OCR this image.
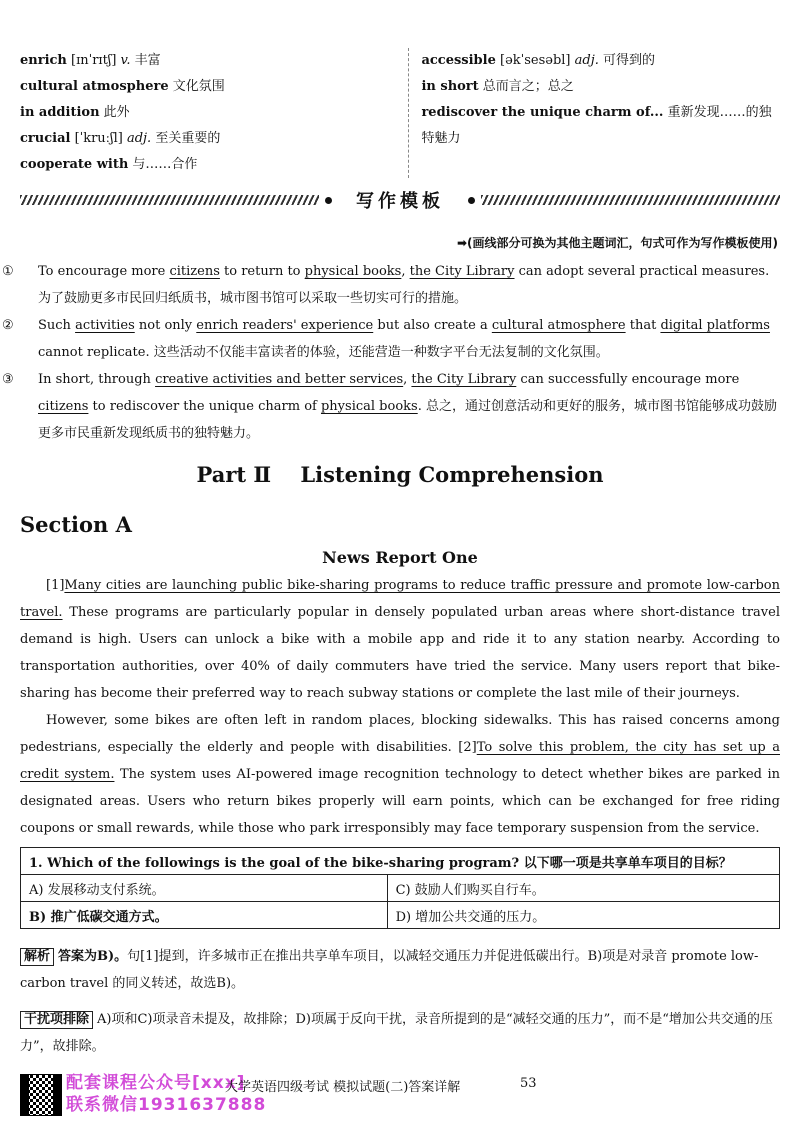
enrich [ɪnˈrɪtʃ] v. 丰富
cultural atmosphere 文化氛围
in addition 此外
crucial [ˈkruːʃl] adj. 至关重要的
cooperate with 与……合作
accessible [əkˈsesəbl] adj. 可得到的
in short 总而言之；总之
rediscover the unique charm of... 重新发现……的独特魅力
写作模板
➡(画线部分可换为其他主题词汇，句式可作为写作模板使用)
① To encourage more citizens to return to physical books, the City Library can adopt several practical measures. 为了鼓励更多市民回归纸质书，城市图书馆可以采取一些切实可行的措施。
② Such activities not only enrich readers' experience but also create a cultural atmosphere that digital platforms cannot replicate. 这些活动不仅能丰富读者的体验，还能营造一种数字平台无法复制的文化氛围。
③ In short, through creative activities and better services, the City Library can successfully encourage more citizens to rediscover the unique charm of physical books. 总之，通过创意活动和更好的服务，城市图书馆能够成功鼓励更多市民重新发现纸质书的独特魅力。
Part Ⅱ    Listening Comprehension
Section A
News Report One
[1]Many cities are launching public bike-sharing programs to reduce traffic pressure and promote low-carbon travel. These programs are particularly popular in densely populated urban areas where short-distance travel demand is high. Users can unlock a bike with a mobile app and ride it to any station nearby. According to transportation authorities, over 40% of daily commuters have tried the service. Many users report that bike-sharing has become their preferred way to reach subway stations or complete the last mile of their journeys.
However, some bikes are often left in random places, blocking sidewalks. This has raised concerns among pedestrians, especially the elderly and people with disabilities. [2]To solve this problem, the city has set up a credit system. The system uses AI-powered image recognition technology to detect whether bikes are parked in designated areas. Users who return bikes properly will earn points, which can be exchanged for free riding coupons or small rewards, while those who park irresponsibly may face temporary suspension from the service.
1. Which of the followings is the goal of the bike-sharing program? 以下哪一项是共享单车项目的目标？	
A) 发展移动支付系统。	C) 鼓励人们购买自行车。
B) 推广低碳交通方式。	D) 增加公共交通的压力。
解析 答案为B)。句[1]提到，许多城市正在推出共享单车项目，以减轻交通压力并促进低碳出行。B)项是对录音 promote low-carbon travel 的同义转述，故选B)。
干扰项排除 A)项和C)项录音未提及，故排除；D)项属于反向干扰，录音所提到的是“减轻交通的压力”，而不是“增加公共交通的压力”，故排除。
配套课程公众号[xxx]
联系微信1931637888
大学英语四级考试 模拟试题(二)答案详解	53
